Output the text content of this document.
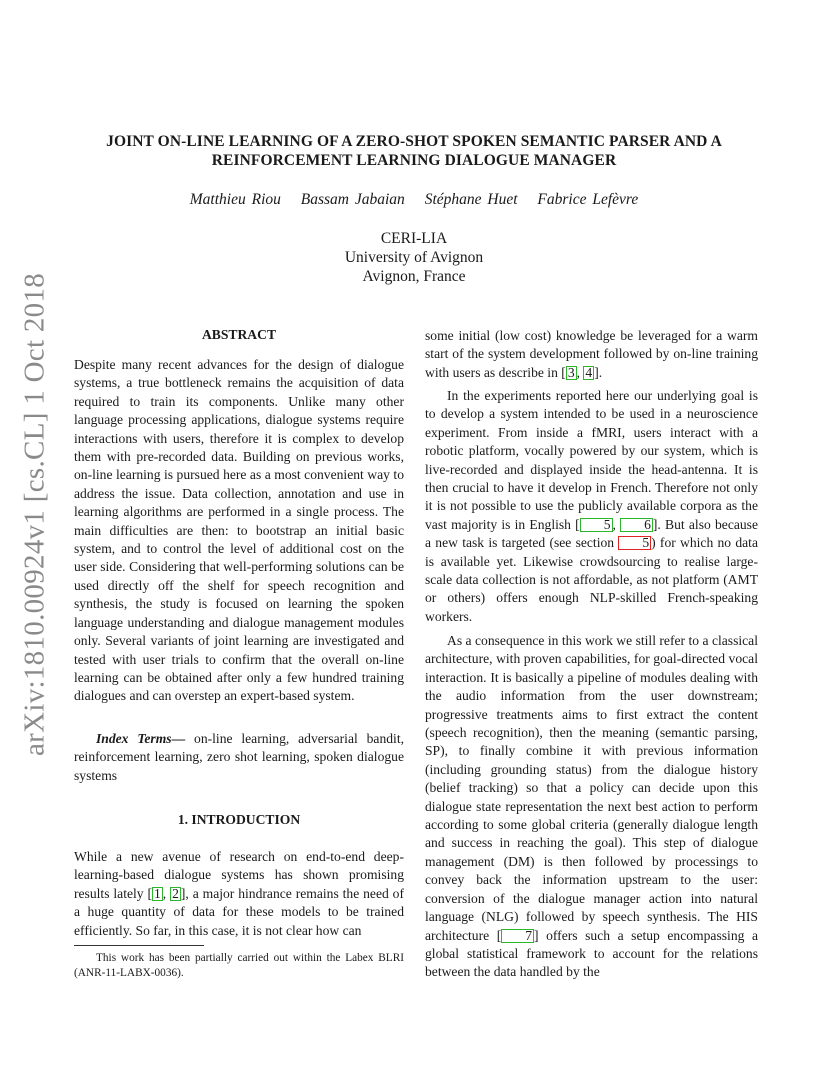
arXiv:1810.00924v1 [cs.CL] 1 Oct 2018
JOINT ON-LINE LEARNING OF A ZERO-SHOT SPOKEN SEMANTIC PARSER AND A
REINFORCEMENT LEARNING DIALOGUE MANAGER
Matthieu Riou Bassam Jabaian Stéphane Huet Fabrice Lefèvre
CERI-LIA
University of Avignon
Avignon, France
ABSTRACT
Despite many recent advances for the design of dialogue systems, a true bottleneck remains the acquisition of data required to train its components. Unlike many other language processing applications, dialogue systems require interactions with users, therefore it is complex to develop them with pre-recorded data. Building on previous works, on-line learning is pursued here as a most convenient way to address the issue. Data collection, annotation and use in learning algorithms are performed in a single process. The main difficulties are then: to bootstrap an initial basic system, and to control the level of additional cost on the user side. Considering that well-performing solutions can be used directly off the shelf for speech recognition and synthesis, the study is focused on learning the spoken language understanding and dialogue management modules only. Several variants of joint learning are investigated and tested with user trials to confirm that the overall on-line learning can be obtained after only a few hundred training dialogues and can overstep an expert-based system.
Index Terms— on-line learning, adversarial bandit, reinforcement learning, zero shot learning, spoken dialogue systems
1. INTRODUCTION
While a new avenue of research on end-to-end deep-learning-based dialogue systems has shown promising results lately [ 1 , 2 ], a major hindrance remains the need of a huge quantity of data for these models to be trained efficiently. So far, in this case, it is not clear how can
This work has been partially carried out within the Labex BLRI (ANR-11-LABX-0036).
some initial (low cost) knowledge be leveraged for a warm start of the system development followed by on-line training with users as describe in [ 3 , 4 ].
In the experiments reported here our underlying goal is to develop a system intended to be used in a neuroscience experiment. From inside a fMRI, users interact with a robotic platform, vocally powered by our system, which is live-recorded and displayed inside the head-antenna. It is then crucial to have it develop in French. Therefore not only it is not possible to use the publicly available corpora as the vast majority is in English [ 5 , 6 ]. But also because a new task is targeted (see section 5 ) for which no data is available yet. Likewise crowdsourcing to realise large-scale data collection is not affordable, as not platform (AMT or others) offers enough NLP-skilled French-speaking workers.
As a consequence in this work we still refer to a classical architecture, with proven capabilities, for goal-directed vocal interaction. It is basically a pipeline of modules dealing with the audio information from the user downstream; progressive treatments aims to first extract the content (speech recognition), then the meaning (semantic parsing, SP), to finally combine it with previous information (including grounding status) from the dialogue history (belief tracking) so that a policy can decide upon this dialogue state representation the next best action to perform according to some global criteria (generally dialogue length and success in reaching the goal). This step of dialogue management (DM) is then followed by processings to convey back the information upstream to the user: conversion of the dialogue manager action into natural language (NLG) followed by speech synthesis. The HIS architecture [ 7 ] offers such a setup encompassing a global statistical framework to account for the relations between the data handled by the
